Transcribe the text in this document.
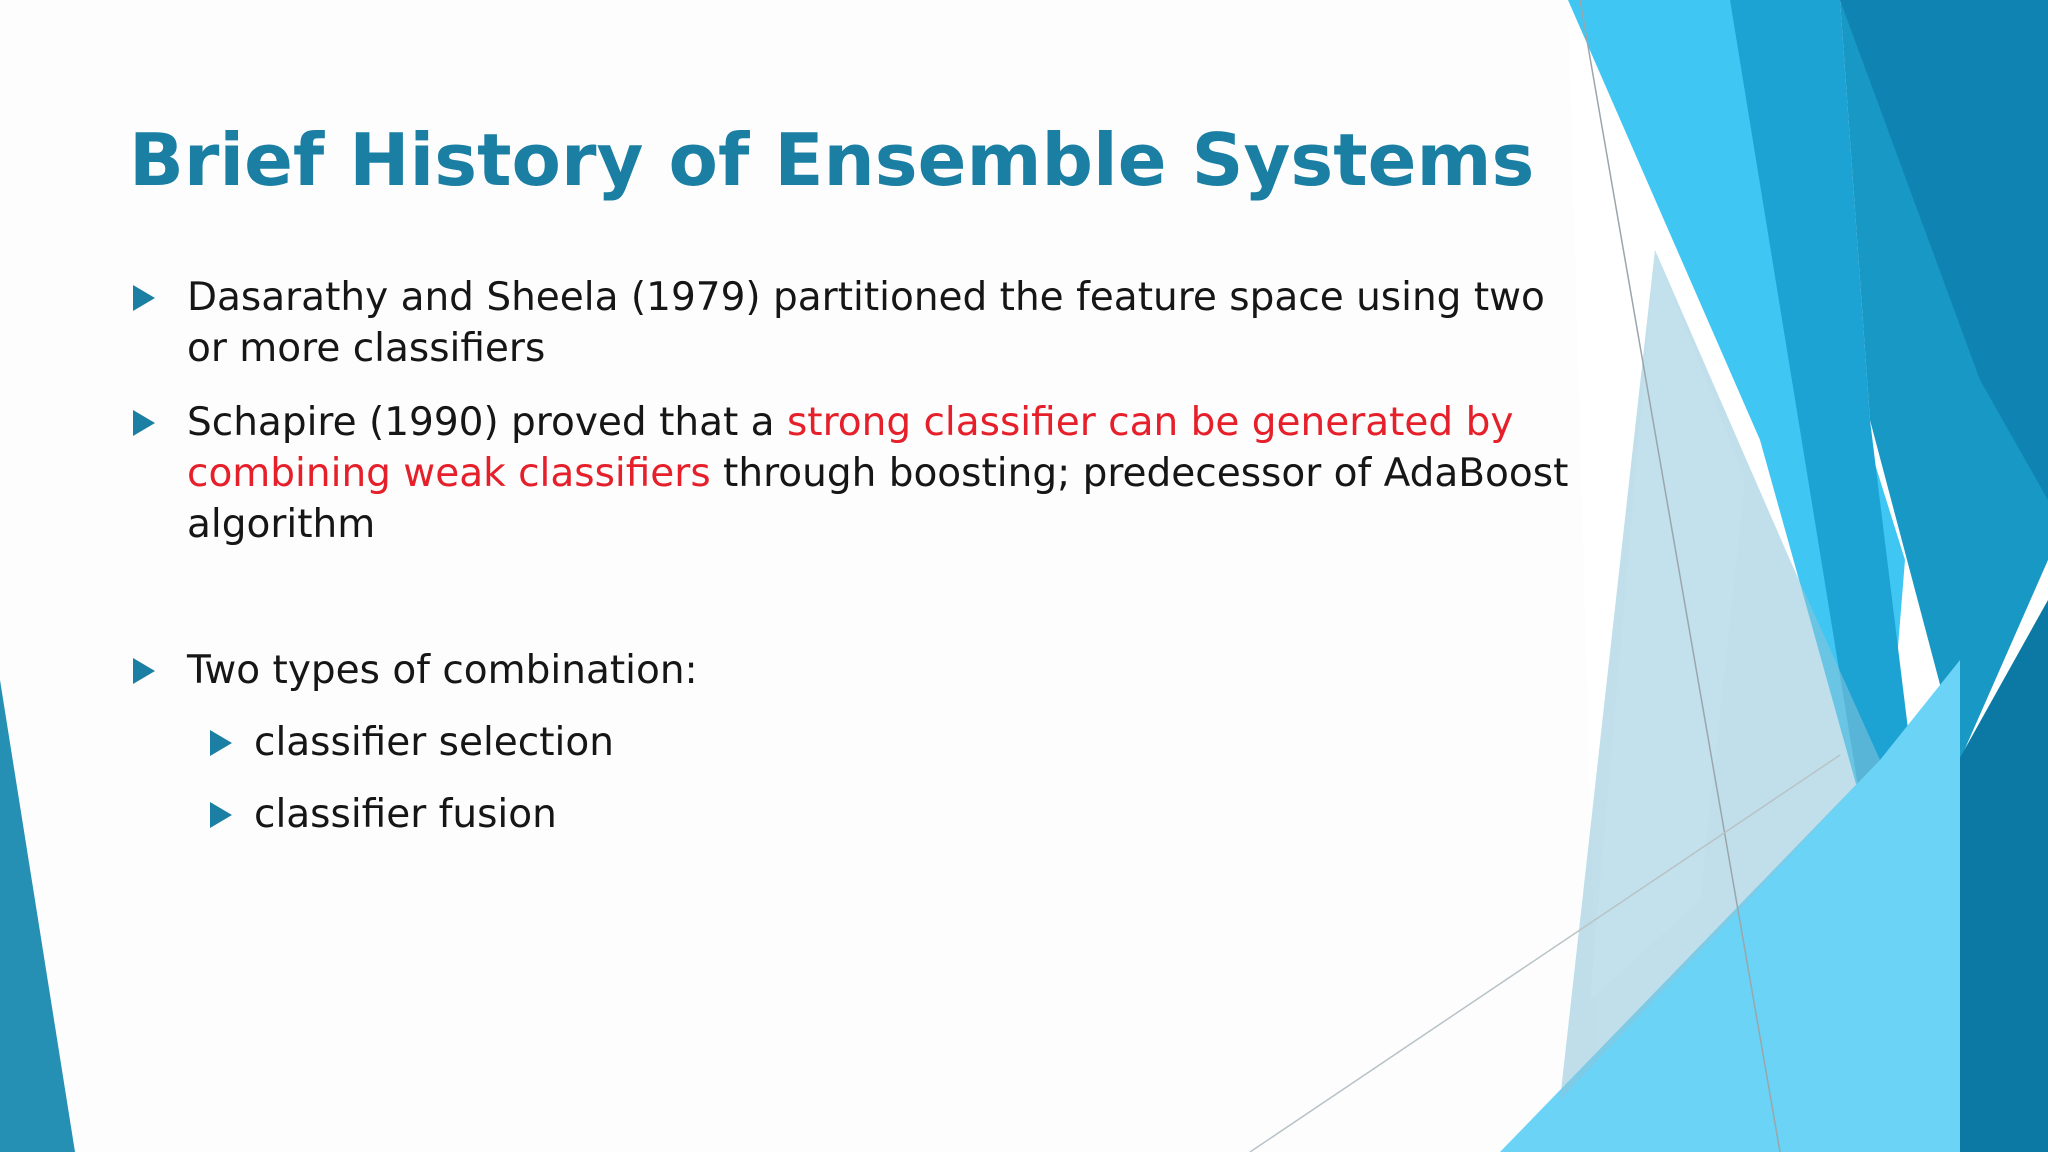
Brief History of Ensemble Systems
Dasarathy and Sheela (1979) partitioned the feature space using two
or more classifiers
Schapire (1990) proved that a strong classifier can be generated by
combining weak classifiers through boosting; predecessor of AdaBoost
algorithm
Two types of combination:
classifier selection
classifier fusion
